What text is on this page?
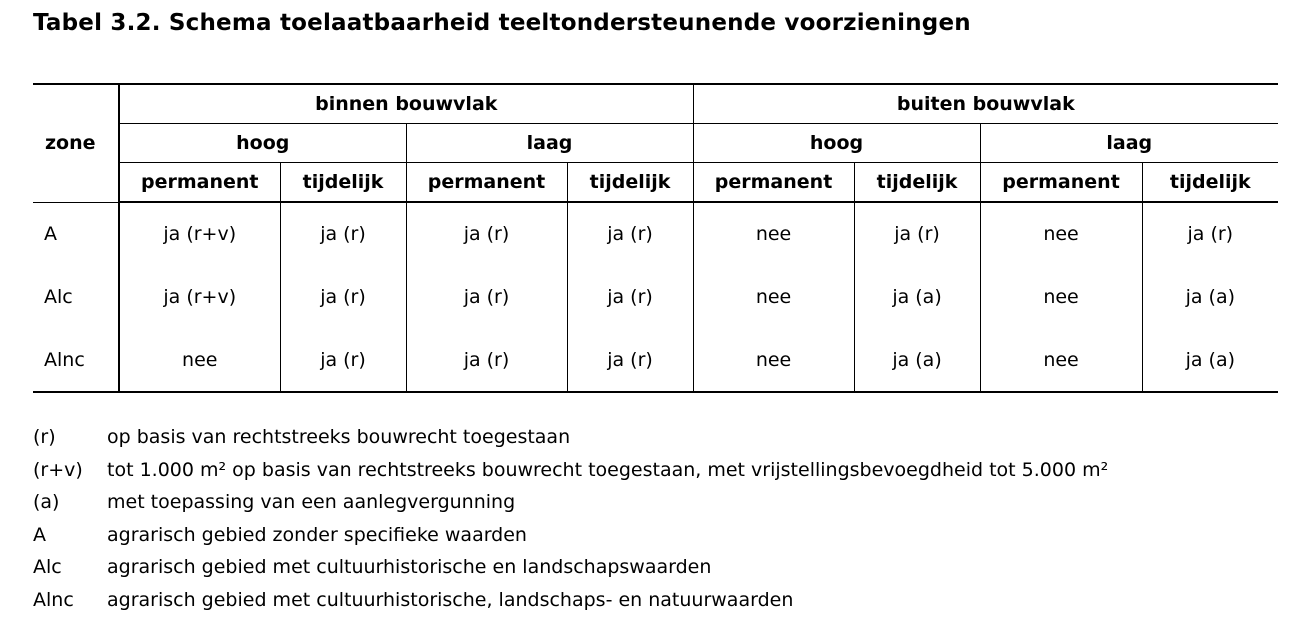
Tabel 3.2. Schema toelaatbaarheid teeltondersteunende voorzieningen
zone	binnen bouwvlak				buiten bouwvlak			
	hoog		laag		hoog		laag	
	permanent	tijdelijk	permanent	tijdelijk	permanent	tijdelijk	permanent	tijdelijk
A	ja (r+v)	ja (r)	ja (r)	ja (r)	nee	ja (r)	nee	ja (r)
Alc	ja (r+v)	ja (r)	ja (r)	ja (r)	nee	ja (a)	nee	ja (a)
Alnc	nee	ja (r)	ja (r)	ja (r)	nee	ja (a)	nee	ja (a)
(r)	op basis van rechtstreeks bouwrecht toegestaan
(r+v) tot 1.000 m² op basis van rechtstreeks bouwrecht toegestaan, met vrijstellingsbevoegdheid tot 5.000 m²
(a)	met toepassing van een aanlegvergunning
A	agrarisch gebied zonder specifieke waarden
Alc agrarisch gebied met cultuurhistorische en landschapswaarden
Alnc agrarisch gebied met cultuurhistorische, landschaps- en natuurwaarden
